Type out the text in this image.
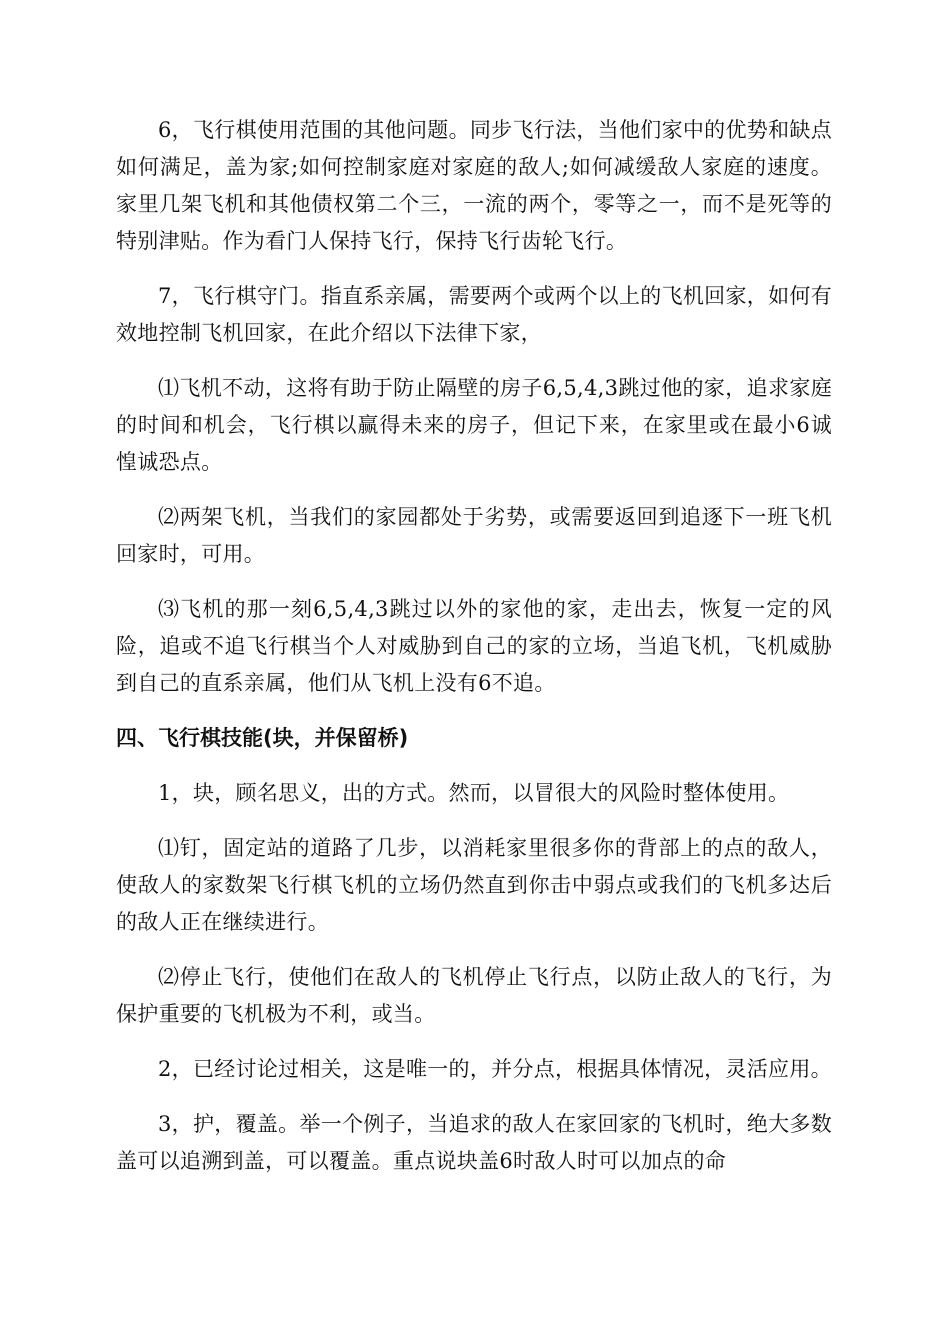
6，飞行棋使用范围的其他问题。同步飞行法，当他们家中的优势和缺点如何满足，盖为家;如何控制家庭对家庭的敌人;如何减缓敌人家庭的速度。家里几架飞机和其他债权第二个三，一流的两个，零等之一，而不是死等的特别津贴。作为看门人保持飞行，保持飞行齿轮飞行。

7，飞行棋守门。指直系亲属，需要两个或两个以上的飞机回家，如何有效地控制飞机回家，在此介绍以下法律下家，

⑴飞机不动，这将有助于防止隔壁的房子6,5,4,3跳过他的家，追求家庭的时间和机会，飞行棋以赢得未来的房子，但记下来，在家里或在最小6诚惶诚恐点。

⑵两架飞机，当我们的家园都处于劣势，或需要返回到追逐下一班飞机回家时，可用。

⑶飞机的那一刻6,5,4,3跳过以外的家他的家，走出去，恢复一定的风险，追或不追飞行棋当个人对威胁到自己的家的立场，当追飞机，飞机威胁到自己的直系亲属，他们从飞机上没有6不追。

四、飞行棋技能(块，并保留桥)

1，块，顾名思义，出的方式。然而，以冒很大的风险时整体使用。

⑴钉，固定站的道路了几步，以消耗家里很多你的背部上的点的敌人，使敌人的家数架飞行棋飞机的立场仍然直到你击中弱点或我们的飞机多达后的敌人正在继续进行。

⑵停止飞行，使他们在敌人的飞机停止飞行点，以防止敌人的飞行，为保护重要的飞机极为不利，或当。

2，已经讨论过相关，这是唯一的，并分点，根据具体情况，灵活应用。

3，护，覆盖。举一个例子，当追求的敌人在家回家的飞机时，绝大多数盖可以追溯到盖，可以覆盖。重点说块盖6时敌人时可以加点的命
